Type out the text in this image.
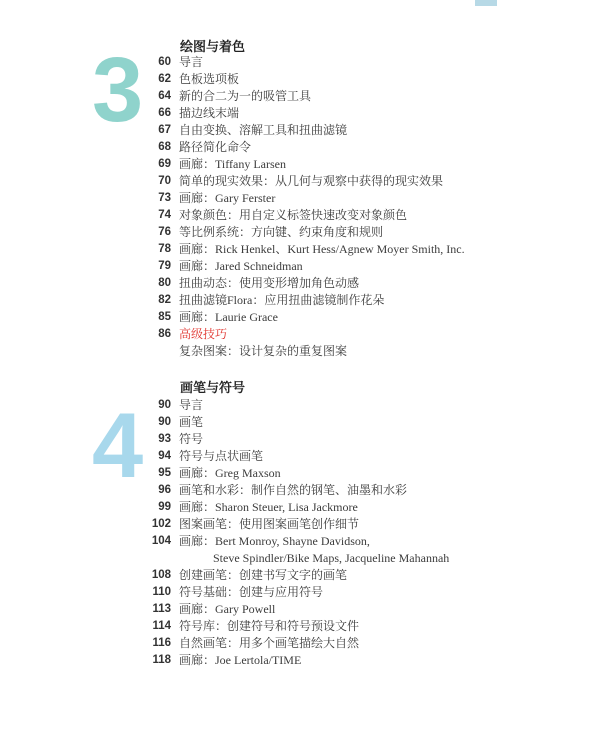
3	绘图与着色
60 导言
62 色板选项板
64 新的合二为一的吸管工具
66 描边线末端
67 自由变换、溶解工具和扭曲滤镜
68 路径简化命令
69 画廊：Tiffany Larsen
70 简单的现实效果：从几何与观察中获得的现实效果
73 画廊：Gary Ferster
74 对象颜色：用自定义标签快速改变对象颜色
76 等比例系统：方向键、约束角度和规则
78 画廊：Rick Henkel、Kurt Hess/Agnew Moyer Smith, Inc.
79 画廊：Jared Schneidman
80 扭曲动态：使用变形增加角色动感
82 扭曲滤镜Flora：应用扭曲滤镜制作花朵
85 画廊：Laurie Grace
86 高级技巧
复杂图案：设计复杂的重复图案
4
画笔与符号
90 导言
90 画笔
93 符号
94 符号与点状画笔
95 画廊：Greg Maxson
96 画笔和水彩：制作自然的钢笔、油墨和水彩
99 画廊：Sharon Steuer, Lisa Jackmore
102 图案画笔：使用图案画笔创作细节
104 画廊：Bert Monroy, Shayne Davidson,
Steve Spindler/Bike Maps, Jacqueline Mahannah
108 创建画笔：创建书写文字的画笔
110 符号基础：创建与应用符号
113 画廊：Gary Powell
114 符号库：创建符号和符号预设文件
116 自然画笔：用多个画笔描绘大自然
118 画廊：Joe Lertola/TIME
